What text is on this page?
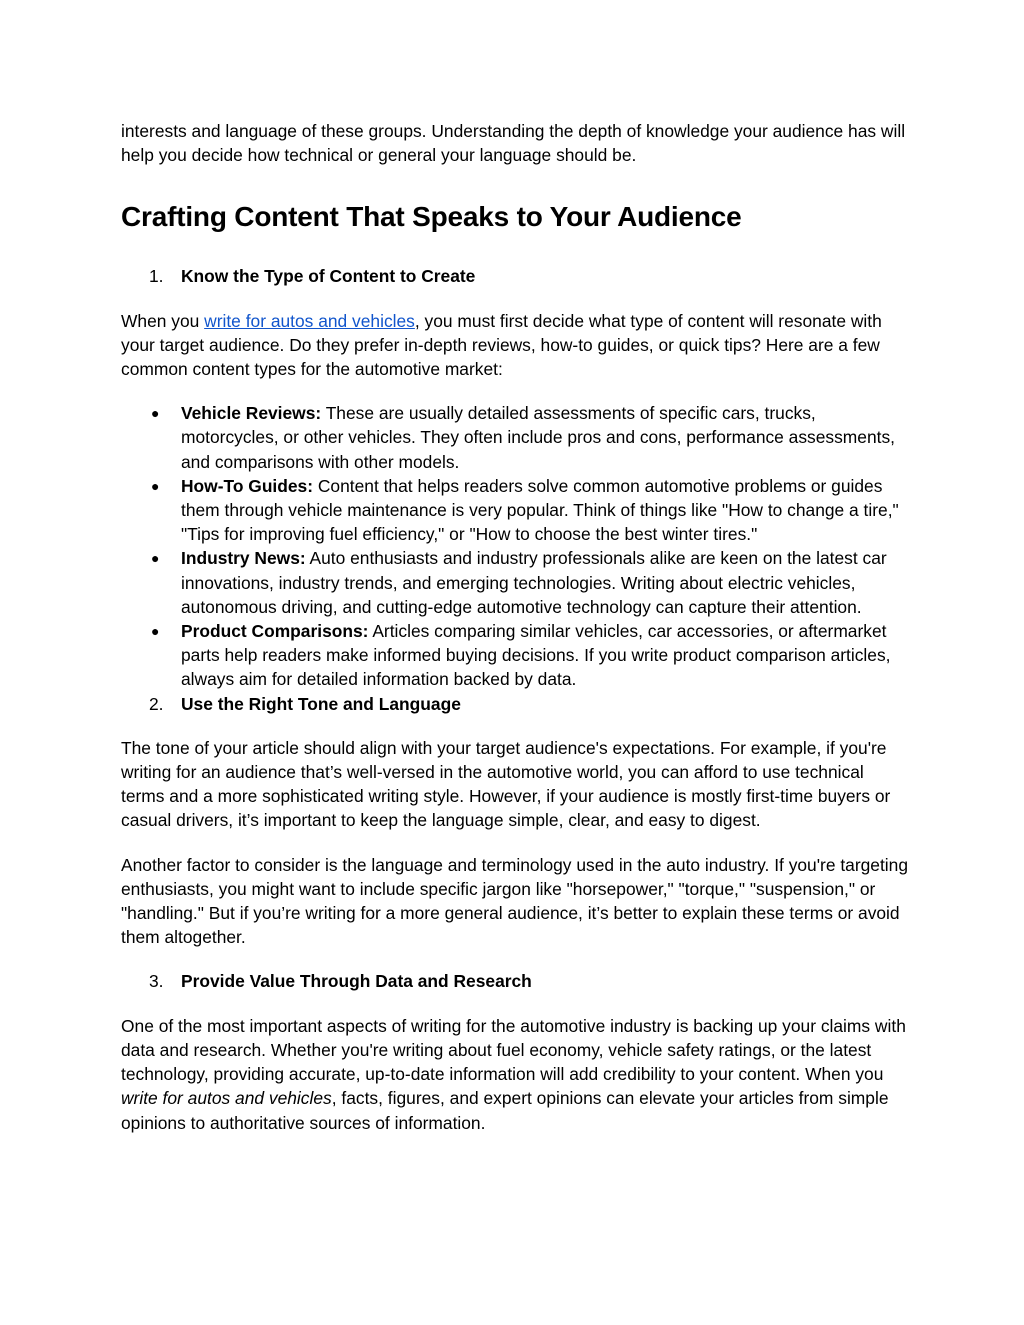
interests and language of these groups. Understanding the depth of knowledge your audience has will help you decide how technical or general your language should be.

Crafting Content That Speaks to Your Audience
1. Know the Type of Content to Create

When you write for autos and vehicles, you must first decide what type of content will resonate with your target audience. Do they prefer in-depth reviews, how-to guides, or quick tips? Here are a few common content types for the automotive market:

● Vehicle Reviews: These are usually detailed assessments of specific cars, trucks, motorcycles, or other vehicles. They often include pros and cons, performance assessments, and comparisons with other models.
● How-To Guides: Content that helps readers solve common automotive problems or guides them through vehicle maintenance is very popular. Think of things like "How to change a tire," "Tips for improving fuel efficiency," or "How to choose the best winter tires."
● Industry News: Auto enthusiasts and industry professionals alike are keen on the latest car innovations, industry trends, and emerging technologies. Writing about electric vehicles, autonomous driving, and cutting-edge automotive technology can capture their attention.
● Product Comparisons: Articles comparing similar vehicles, car accessories, or aftermarket parts help readers make informed buying decisions. If you write product comparison articles, always aim for detailed information backed by data.
2. Use the Right Tone and Language

The tone of your article should align with your target audience's expectations. For example, if you're writing for an audience that’s well-versed in the automotive world, you can afford to use technical terms and a more sophisticated writing style. However, if your audience is mostly first-time buyers or casual drivers, it’s important to keep the language simple, clear, and easy to digest.

Another factor to consider is the language and terminology used in the auto industry. If you're targeting enthusiasts, you might want to include specific jargon like "horsepower," "torque," "suspension," or "handling." But if you’re writing for a more general audience, it’s better to explain these terms or avoid them altogether.

3. Provide Value Through Data and Research

One of the most important aspects of writing for the automotive industry is backing up your claims with data and research. Whether you're writing about fuel economy, vehicle safety ratings, or the latest technology, providing accurate, up-to-date information will add credibility to your content. When you write for autos and vehicles, facts, figures, and expert opinions can elevate your articles from simple opinions to authoritative sources of information.
